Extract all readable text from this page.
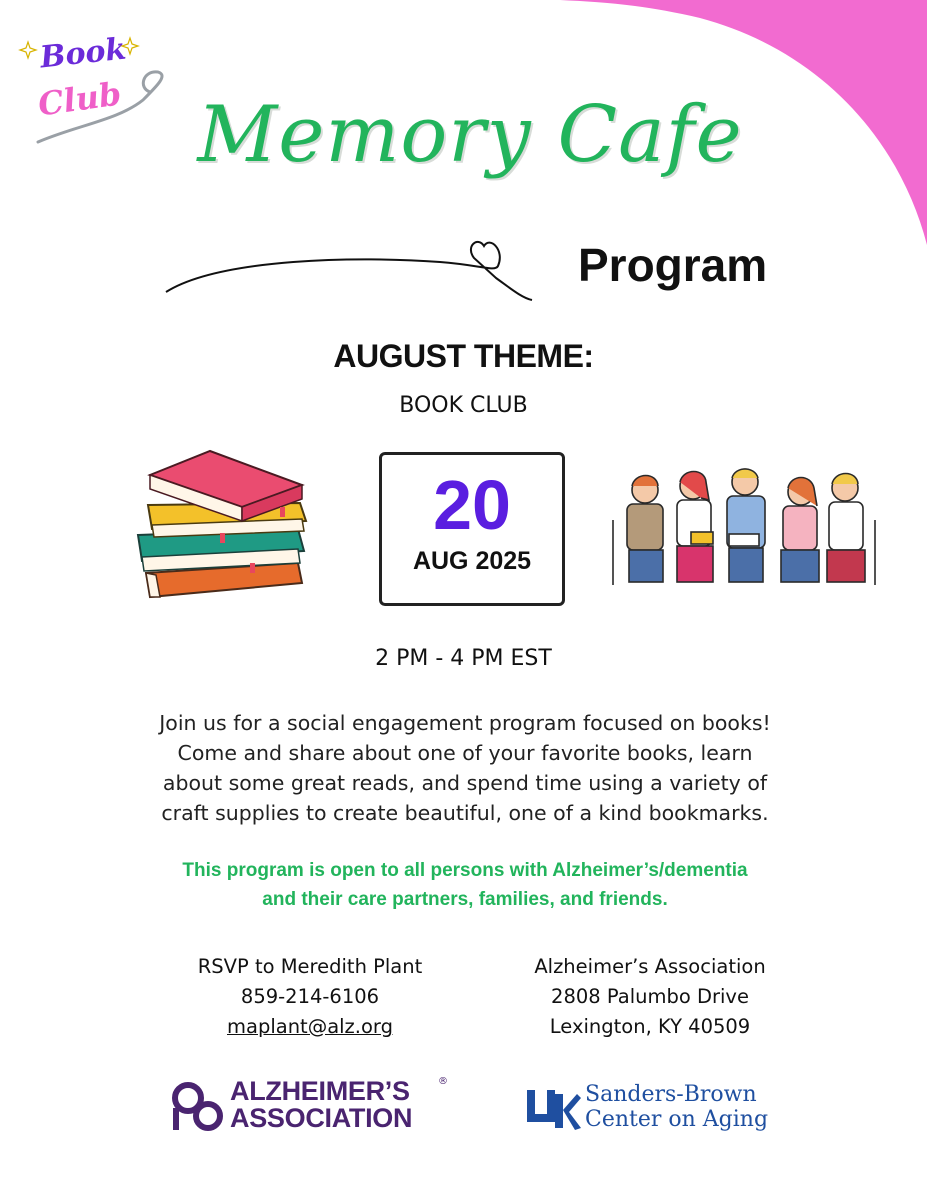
Book
Club Memory Cafe
Program
AUGUST THEME:
BOOK CLUB
20
AUG 2025
2 PM - 4 PM EST

Join us for a social engagement program focused on books!

Come and share about one of your favorite books, learn

about some great reads, and spend time using a variety of

craft supplies to create beautiful, one of a kind bookmarks.

This program is open to all persons with Alzheimer’s/dementia

and their care partners, families, and friends.

RSVP to Meredith Plant
859-214-6106
maplant@alz.org
Alzheimer’s Association
2808 Palumbo Drive
Lexington, KY 40509
ALZHEIMER’S
ASSOCIATION
®
Sanders-Brown
Center on Aging
